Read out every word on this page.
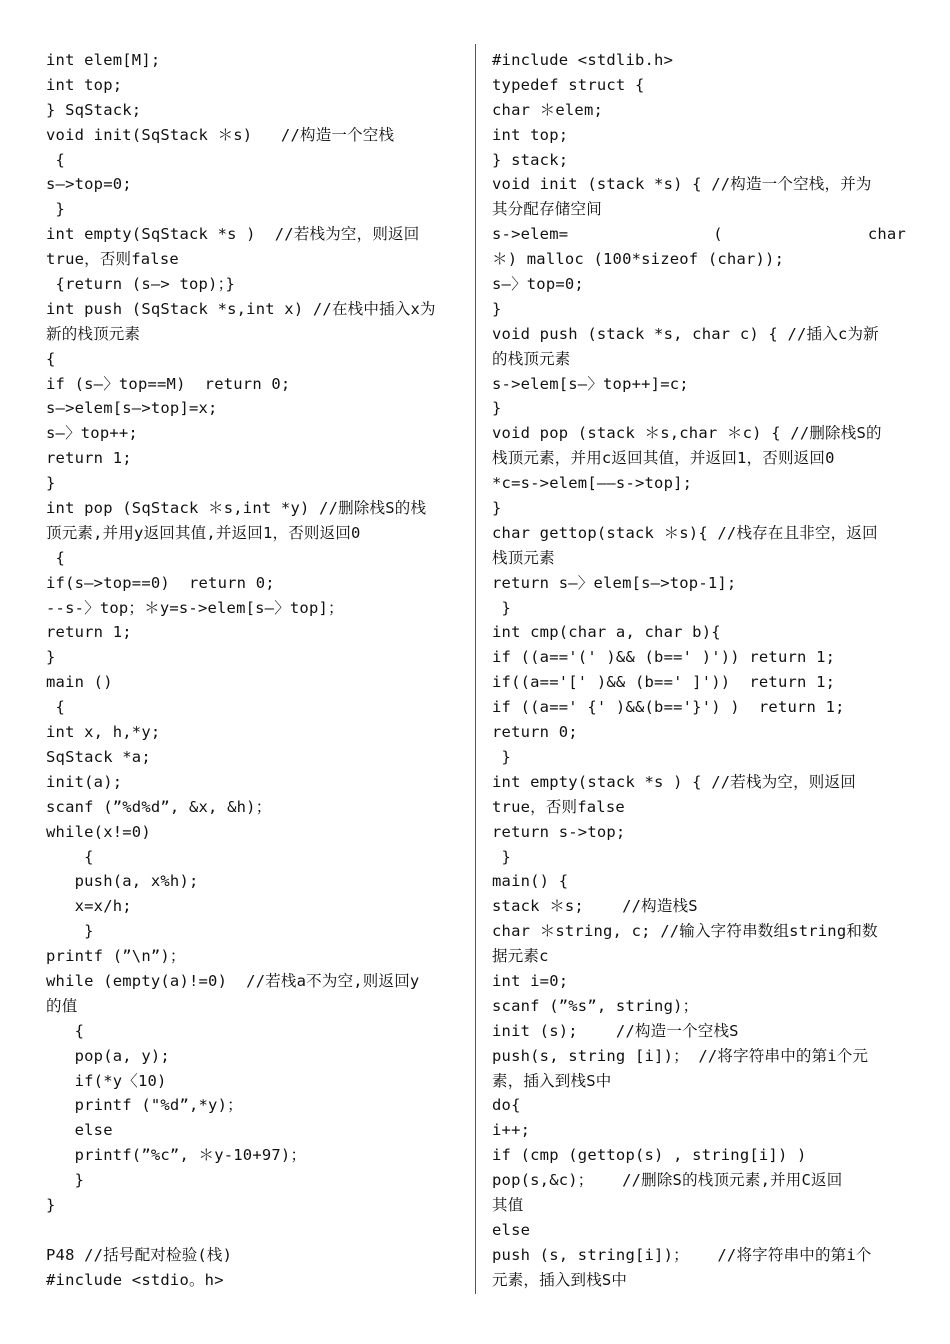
int elem[M];
int top;
} SqStack;
void init(SqStack ＊s)   //构造一个空栈
{
s—>top=0;
}
int empty(SqStack *s )  //若栈为空，则返回
true，否则false
{return (s—> top)；}
int push (SqStack *s,int x) //在栈中插入x为
新的栈顶元素
{
if (s—〉top==M)  return 0;
s—>elem[s—>top]=x;
s—〉top++;
return 1;
}
int pop (SqStack ＊s,int *y) //删除栈S的栈
顶元素,并用y返回其值,并返回1，否则返回0
{
if(s—>top==0)  return 0;
--s-〉top；＊y=s->elem[s—〉top]；
return 1;
}
main ()
{
int x, h,*y;
SqStack *a;
init(a);
scanf (”%d%d”, &x, &h)；
while(x!=0)
{
push(a, x%h);
x=x/h;
}
printf (”\n”)；
while (empty(a)!=0)  //若栈a不为空,则返回y
的值
{
pop(a, y);
if(*y〈10)
printf ("%d”,*y)；
else
printf(”%c”, ＊y-10+97)；
}
}
P48 //括号配对检验(栈)
#include <stdio。h>
#include <stdlib.h>
typedef struct {
char ＊elem;
int top;
} stack;
void init (stack *s) { //构造一个空栈，并为
其分配存储空间
s->elem= ( char
＊) malloc (100*sizeof (char));
s—〉top=0;
}
void push (stack *s, char c) { //插入c为新
的栈顶元素
s->elem[s—〉top++]=c;
}
void pop (stack ＊s,char ＊c) { //删除栈S的
栈顶元素，并用c返回其值，并返回1，否则返回0
*c=s->elem[——s->top];
}
char gettop(stack ＊s){ //栈存在且非空，返回
栈顶元素
return s—〉elem[s—>top-1];
}
int cmp(char a, char b){
if ((a=='(' )&& (b==' )')) return 1;
if((a=='[' )&& (b==' ]'))  return 1;
if ((a==' {' )&&(b=='}') )  return 1;
return 0;
}
int empty(stack *s ) { //若栈为空，则返回
true，否则false
return s->top;
}
main() {
stack ＊s;    //构造栈S
char ＊string, c; //输入字符串数组string和数
据元素c
int i=0;
scanf (”%s”, string)；
init (s);    //构造一个空栈S
push(s, string [i])； //将字符串中的第i个元
素，插入到栈S中
do{
i++;
if (cmp (gettop(s) , string[i]) )
pop(s,&c)；   //删除S的栈顶元素,并用C返回
其值
else
push (s, string[i])；   //将字符串中的第i个
元素，插入到栈S中
